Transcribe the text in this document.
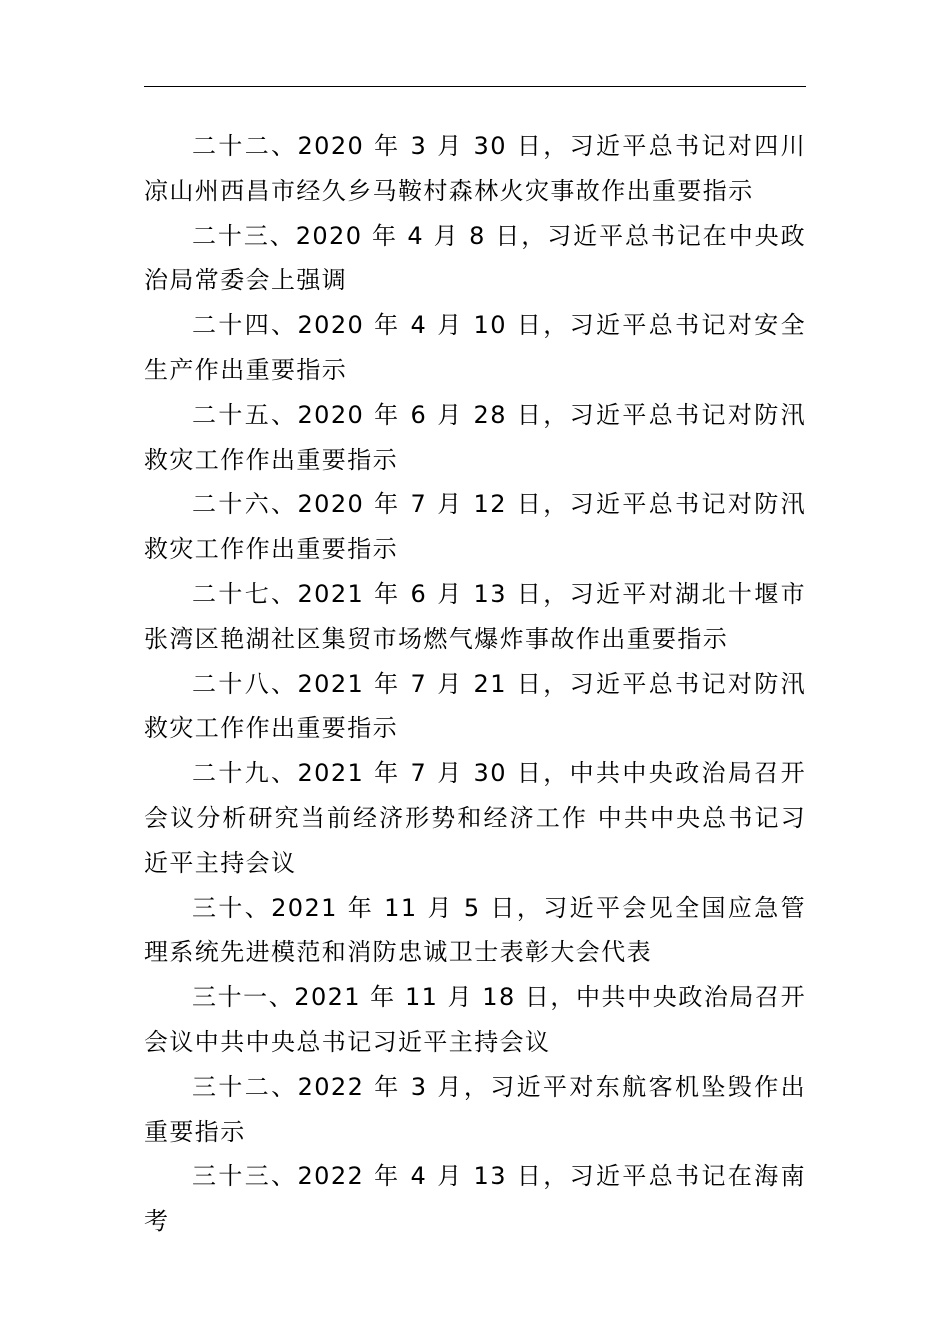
二十二、2020 年 3 月 30 日，习近平总书记对四川凉山州西昌市经久乡马鞍村森林火灾事故作出重要指示

二十三、2020 年 4 月 8 日，习近平总书记在中央政治局常委会上强调

二十四、2020 年 4 月 10 日，习近平总书记对安全生产作出重要指示

二十五、2020 年 6 月 28 日，习近平总书记对防汛救灾工作作出重要指示

二十六、2020 年 7 月 12 日，习近平总书记对防汛救灾工作作出重要指示

二十七、2021 年 6 月 13 日，习近平对湖北十堰市张湾区艳湖社区集贸市场燃气爆炸事故作出重要指示

二十八、2021 年 7 月 21 日，习近平总书记对防汛救灾工作作出重要指示

二十九、2021 年 7 月 30 日，中共中央政治局召开会议分析研究当前经济形势和经济工作 中共中央总书记习近平主持会议

三十、2021 年 11 月 5 日，习近平会见全国应急管理系统先进模范和消防忠诚卫士表彰大会代表

三十一、2021 年 11 月 18 日，中共中央政治局召开会议中共中央总书记习近平主持会议

三十二、2022 年 3 月，习近平对东航客机坠毁作出重要指示

三十三、2022 年 4 月 13 日，习近平总书记在海南考
